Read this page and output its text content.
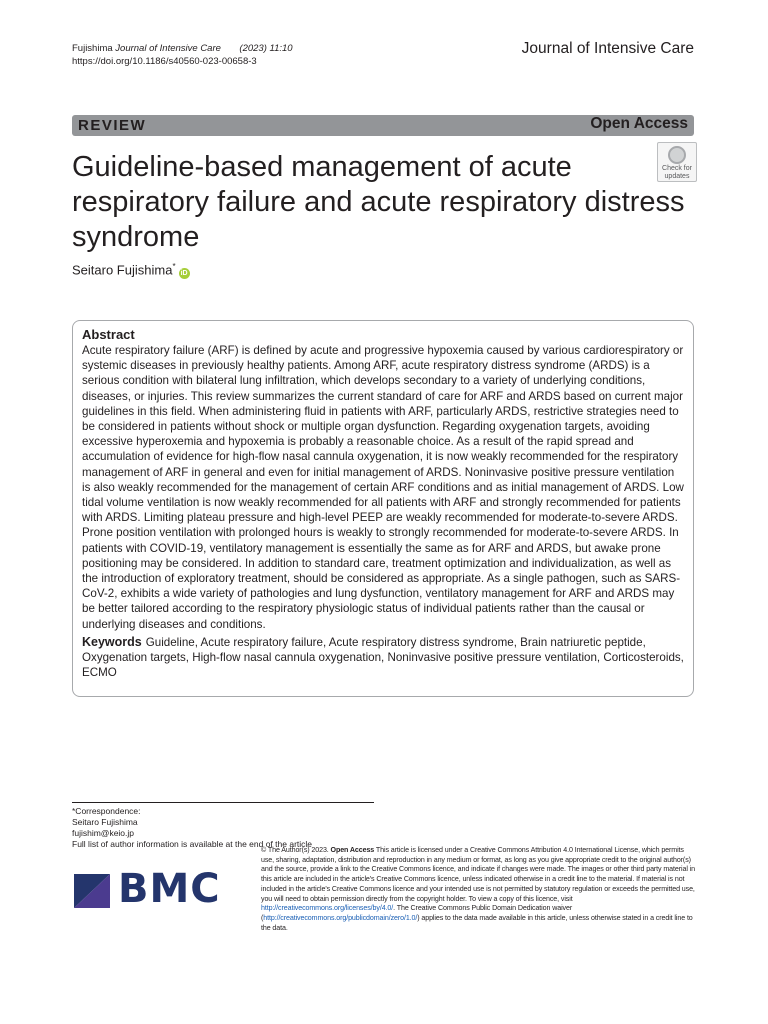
Fujishima Journal of Intensive Care (2023) 11:10
https://doi.org/10.1186/s40560-023-00658-3
Journal of Intensive Care
REVIEW	Open Access
Guideline-based management of acute respiratory failure and acute respiratory distress syndrome
Check for
updates
Seitaro Fujishima*iD
Abstract

Acute respiratory failure (ARF) is defined by acute and progressive hypoxemia caused by various cardiorespiratory or systemic diseases in previously healthy patients. Among ARF, acute respiratory distress syndrome (ARDS) is a serious condition with bilateral lung infiltration, which develops secondary to a variety of underlying conditions, diseases, or injuries. This review summarizes the current standard of care for ARF and ARDS based on current major guidelines in this field. When administering fluid in patients with ARF, particularly ARDS, restrictive strategies need to be considered in patients without shock or multiple organ dysfunction. Regarding oxygenation targets, avoiding excessive hyperoxemia and hypoxemia is probably a reasonable choice. As a result of the rapid spread and accumulation of evidence for high-flow nasal cannula oxygenation, it is now weakly recommended for the respiratory management of ARF in general and even for initial management of ARDS. Noninvasive positive pressure ventilation is also weakly recommended for the management of certain ARF conditions and as initial management of ARDS. Low tidal volume ventilation is now weakly recommended for all patients with ARF and strongly recommended for patients with ARDS. Limiting plateau pressure and high-level PEEP are weakly recommended for moderate-to-severe ARDS. Prone position ventilation with prolonged hours is weakly to strongly recommended for moderate-to-severe ARDS. In patients with COVID-19, ventilatory management is essentially the same as for ARF and ARDS, but awake prone positioning may be considered. In addition to standard care, treatment optimization and individualization, as well as the introduction of exploratory treatment, should be considered as appropriate. As a single pathogen, such as SARS-CoV-2, exhibits a wide variety of pathologies and lung dysfunction, ventilatory management for ARF and ARDS may be better tailored according to the respiratory physiologic status of individual patients rather than the causal or underlying diseases and conditions.

Keywords Guideline, Acute respiratory failure, Acute respiratory distress syndrome, Brain natriuretic peptide, Oxygenation targets, High-flow nasal cannula oxygenation, Noninvasive positive pressure ventilation, Corticosteroids, ECMO
*Correspondence:
Seitaro Fujishima
fujishim@keio.jp
Full list of author information is available at the end of the article
BMC
© The Author(s) 2023. Open Access This article is licensed under a Creative Commons Attribution 4.0 International License, which permits use, sharing, adaptation, distribution and reproduction in any medium or format, as long as you give appropriate credit to the original author(s) and the source, provide a link to the Creative Commons licence, and indicate if changes were made. The images or other third party material in this article are included in the article's Creative Commons licence, unless indicated otherwise in a credit line to the material. If material is not included in the article's Creative Commons licence and your intended use is not permitted by statutory regulation or exceeds the permitted use, you will need to obtain permission directly from the copyright holder. To view a copy of this licence, visit http://creativecommons.org/licenses/by/4.0/. The Creative Commons Public Domain Dedication waiver (http://creativecommons.org/publicdomain/zero/1.0/) applies to the data made available in this article, unless otherwise stated in a credit line to the data.
